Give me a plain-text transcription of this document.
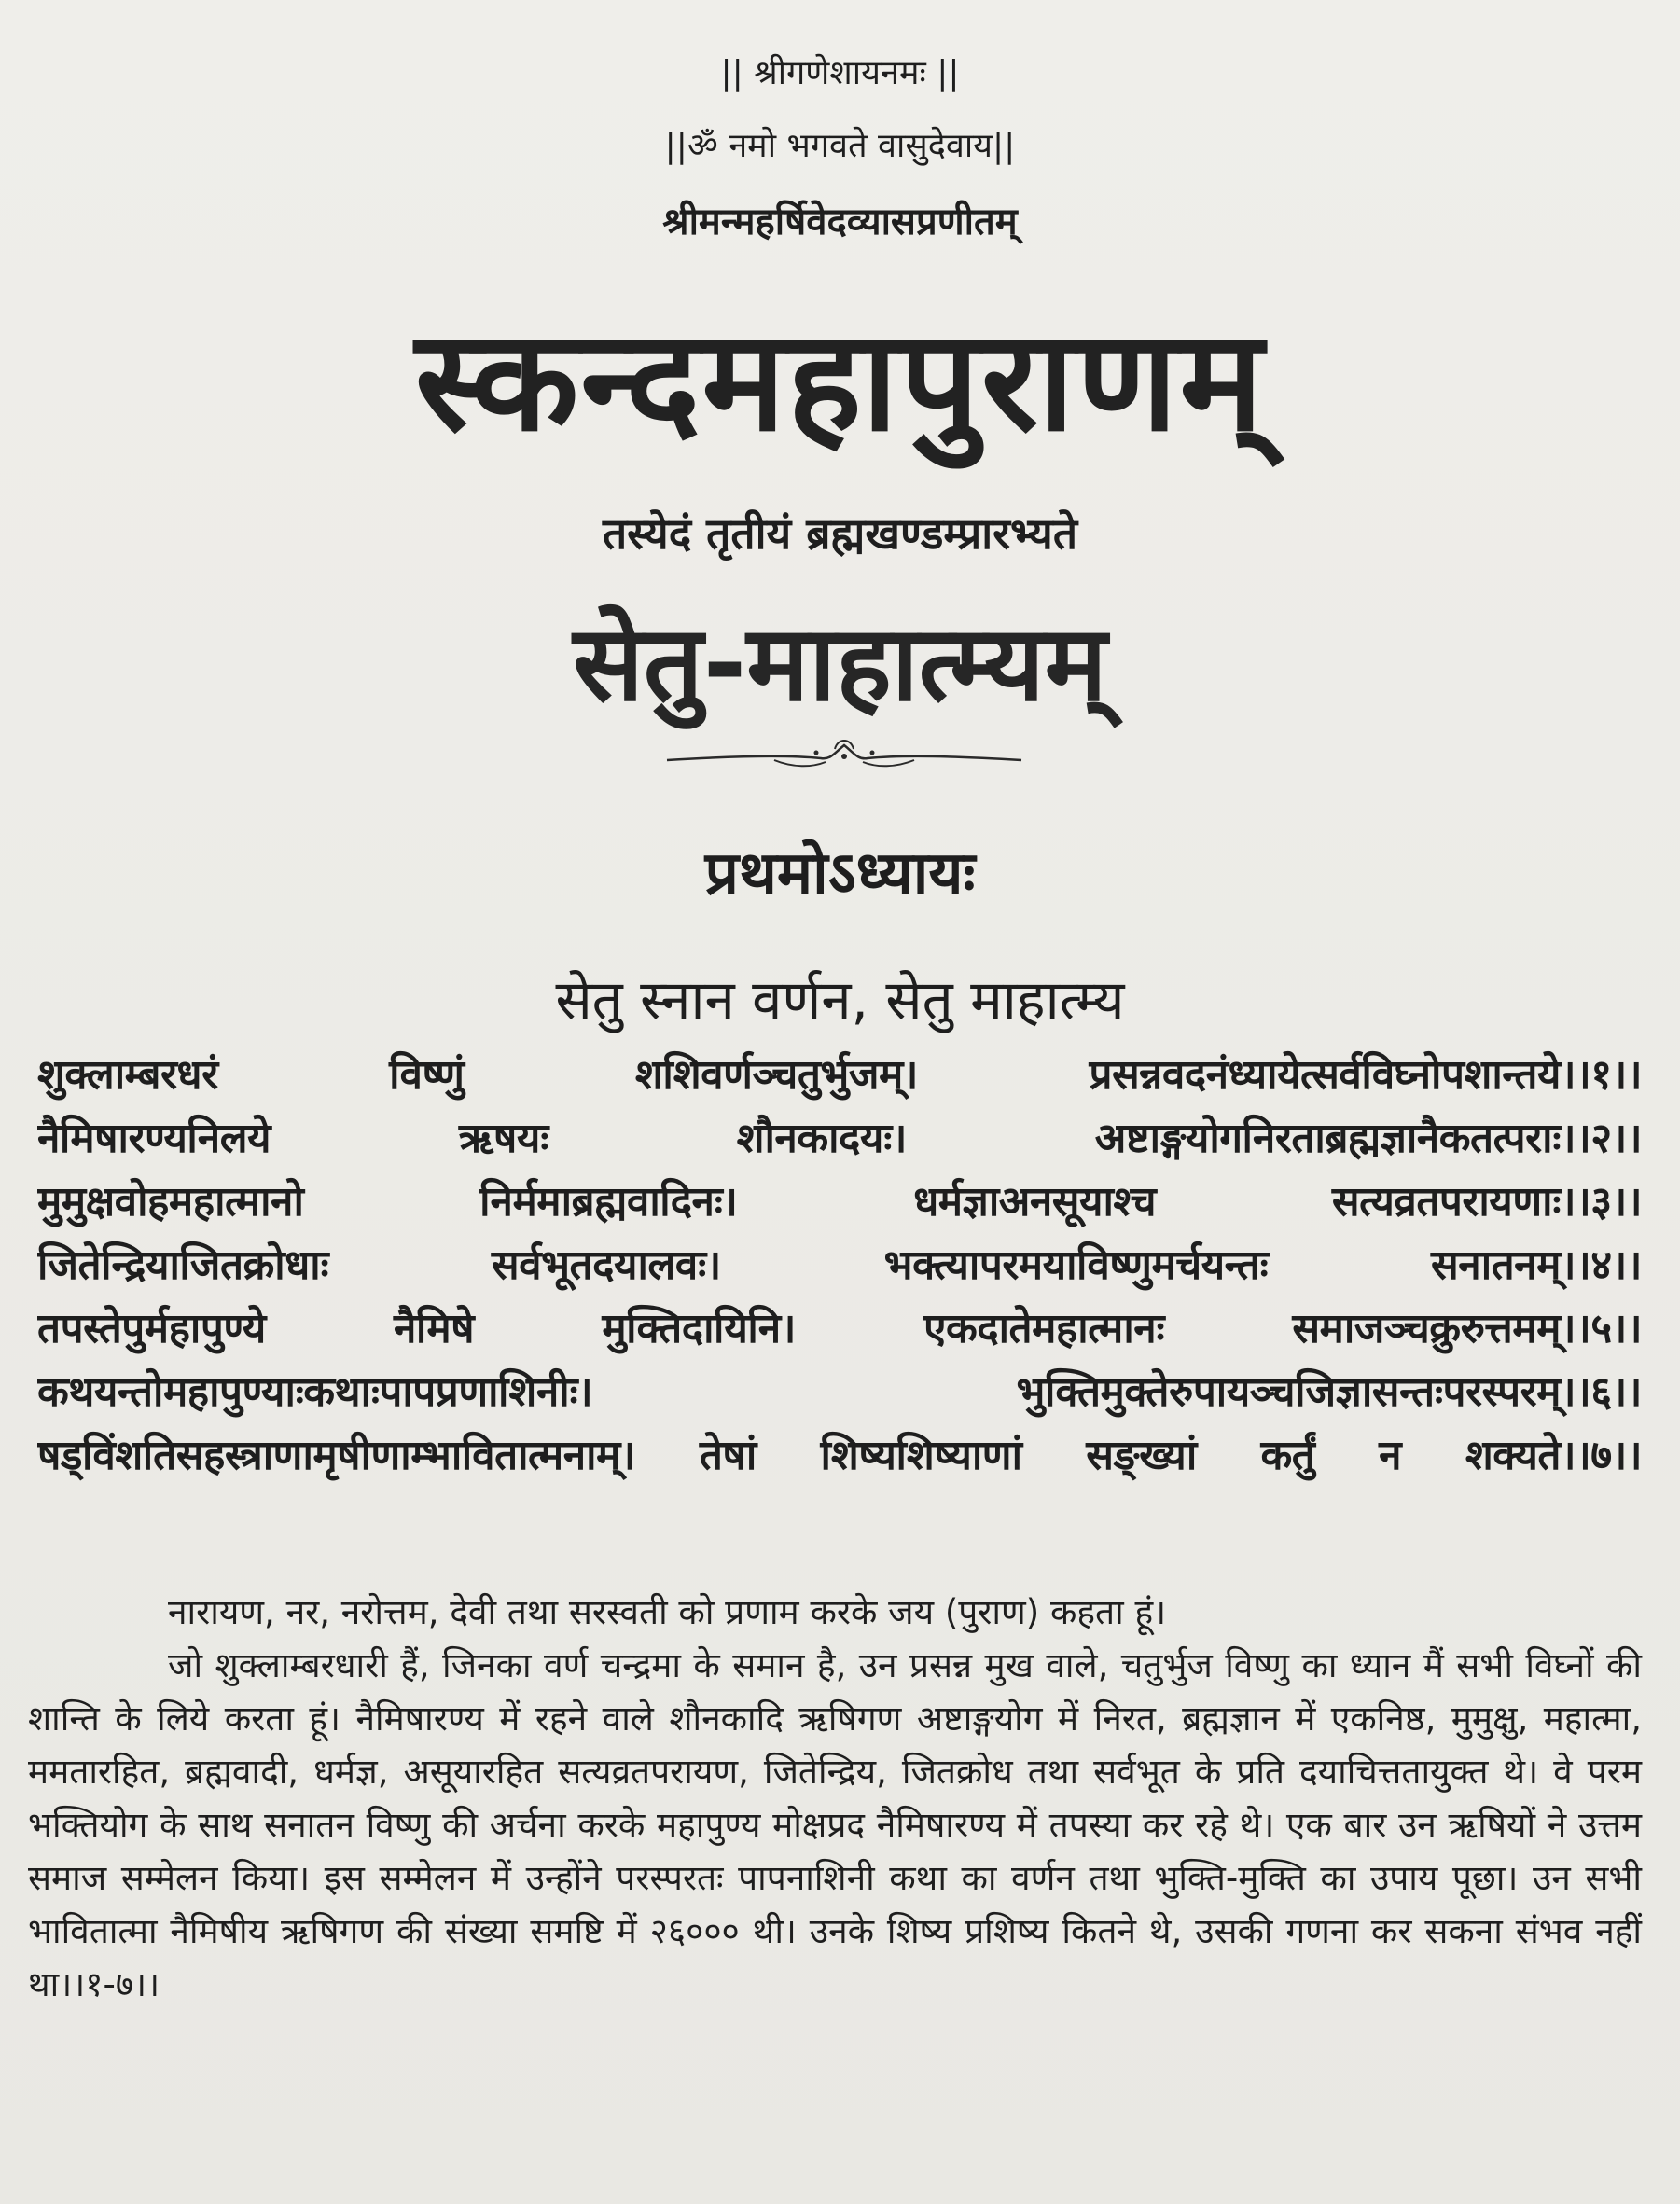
|| श्रीगणेशायनमः ||
||ॐ नमो भगवते वासुदेवाय||
श्रीमन्महर्षिवेदव्यासप्रणीतम्
स्कन्दमहापुराणम्
तस्येदं तृतीयं ब्रह्मखण्डम्प्रारभ्यते
सेतु-माहात्म्यम्
प्रथमोऽध्यायः
सेतु स्नान वर्णन, सेतु माहात्म्य
शुक्लाम्बरधरं विष्णुं शशिवर्णञ्चतुर्भुजम्। प्रसन्नवदनंध्यायेत्सर्वविघ्नोपशान्तये।।१।।
नैमिषारण्यनिलये ऋषयः शौनकादयः। अष्टाङ्गयोगनिरताब्रह्मज्ञानैकतत्पराः।।२।।
मुमुक्षवोहमहात्मानो निर्ममाब्रह्मवादिनः। धर्मज्ञाअनसूयाश्च सत्यव्रतपरायणाः।।३।।
जितेन्द्रियाजितक्रोधाः सर्वभूतदयालवः। भक्त्यापरमयाविष्णुमर्चयन्तः सनातनम्।।४।।
तपस्तेपुर्महापुण्ये नैमिषे मुक्तिदायिनि। एकदातेमहात्मानः समाजञ्चक्रुरुत्तमम्।।५।।
कथयन्तोमहापुण्याःकथाःपापप्रणाशिनीः। भुक्तिमुक्तेरुपायञ्चजिज्ञासन्तःपरस्परम्।।६।।
षड्विंशतिसहस्त्राणामृषीणाम्भावितात्मनाम्। तेषां शिष्यशिष्याणां सङ्ख्यां कर्तुं न शक्यते।।७।।

नारायण, नर, नरोत्तम, देवी तथा सरस्वती को प्रणाम करके जय (पुराण) कहता हूं।

जो शुक्लाम्बरधारी हैं, जिनका वर्ण चन्द्रमा के समान है, उन प्रसन्न मुख वाले, चतुर्भुज विष्णु का ध्यान मैं सभी विघ्नों की शान्ति के लिये करता हूं। नैमिषारण्य में रहने वाले शौनकादि ऋषिगण अष्टाङ्गयोग में निरत, ब्रह्मज्ञान में एकनिष्ठ, मुमुक्षु, महात्मा, ममतारहित, ब्रह्मवादी, धर्मज्ञ, असूयारहित सत्यव्रतपरायण, जितेन्द्रिय, जितक्रोध तथा सर्वभूत के प्रति दयाचित्ततायुक्त थे। वे परम भक्तियोग के साथ सनातन विष्णु की अर्चना करके महापुण्य मोक्षप्रद नैमिषारण्य में तपस्या कर रहे थे। एक बार उन ऋषियों ने उत्तम समाज सम्मेलन किया। इस सम्मेलन में उन्होंने परस्परतः पापनाशिनी कथा का वर्णन तथा भुक्ति-मुक्ति का उपाय पूछा। उन सभी भावितात्मा नैमिषीय ऋषिगण की संख्या समष्टि में २६००० थी। उनके शिष्य प्रशिष्य कितने थे, उसकी गणना कर सकना संभव नहीं था।।१-७।।
